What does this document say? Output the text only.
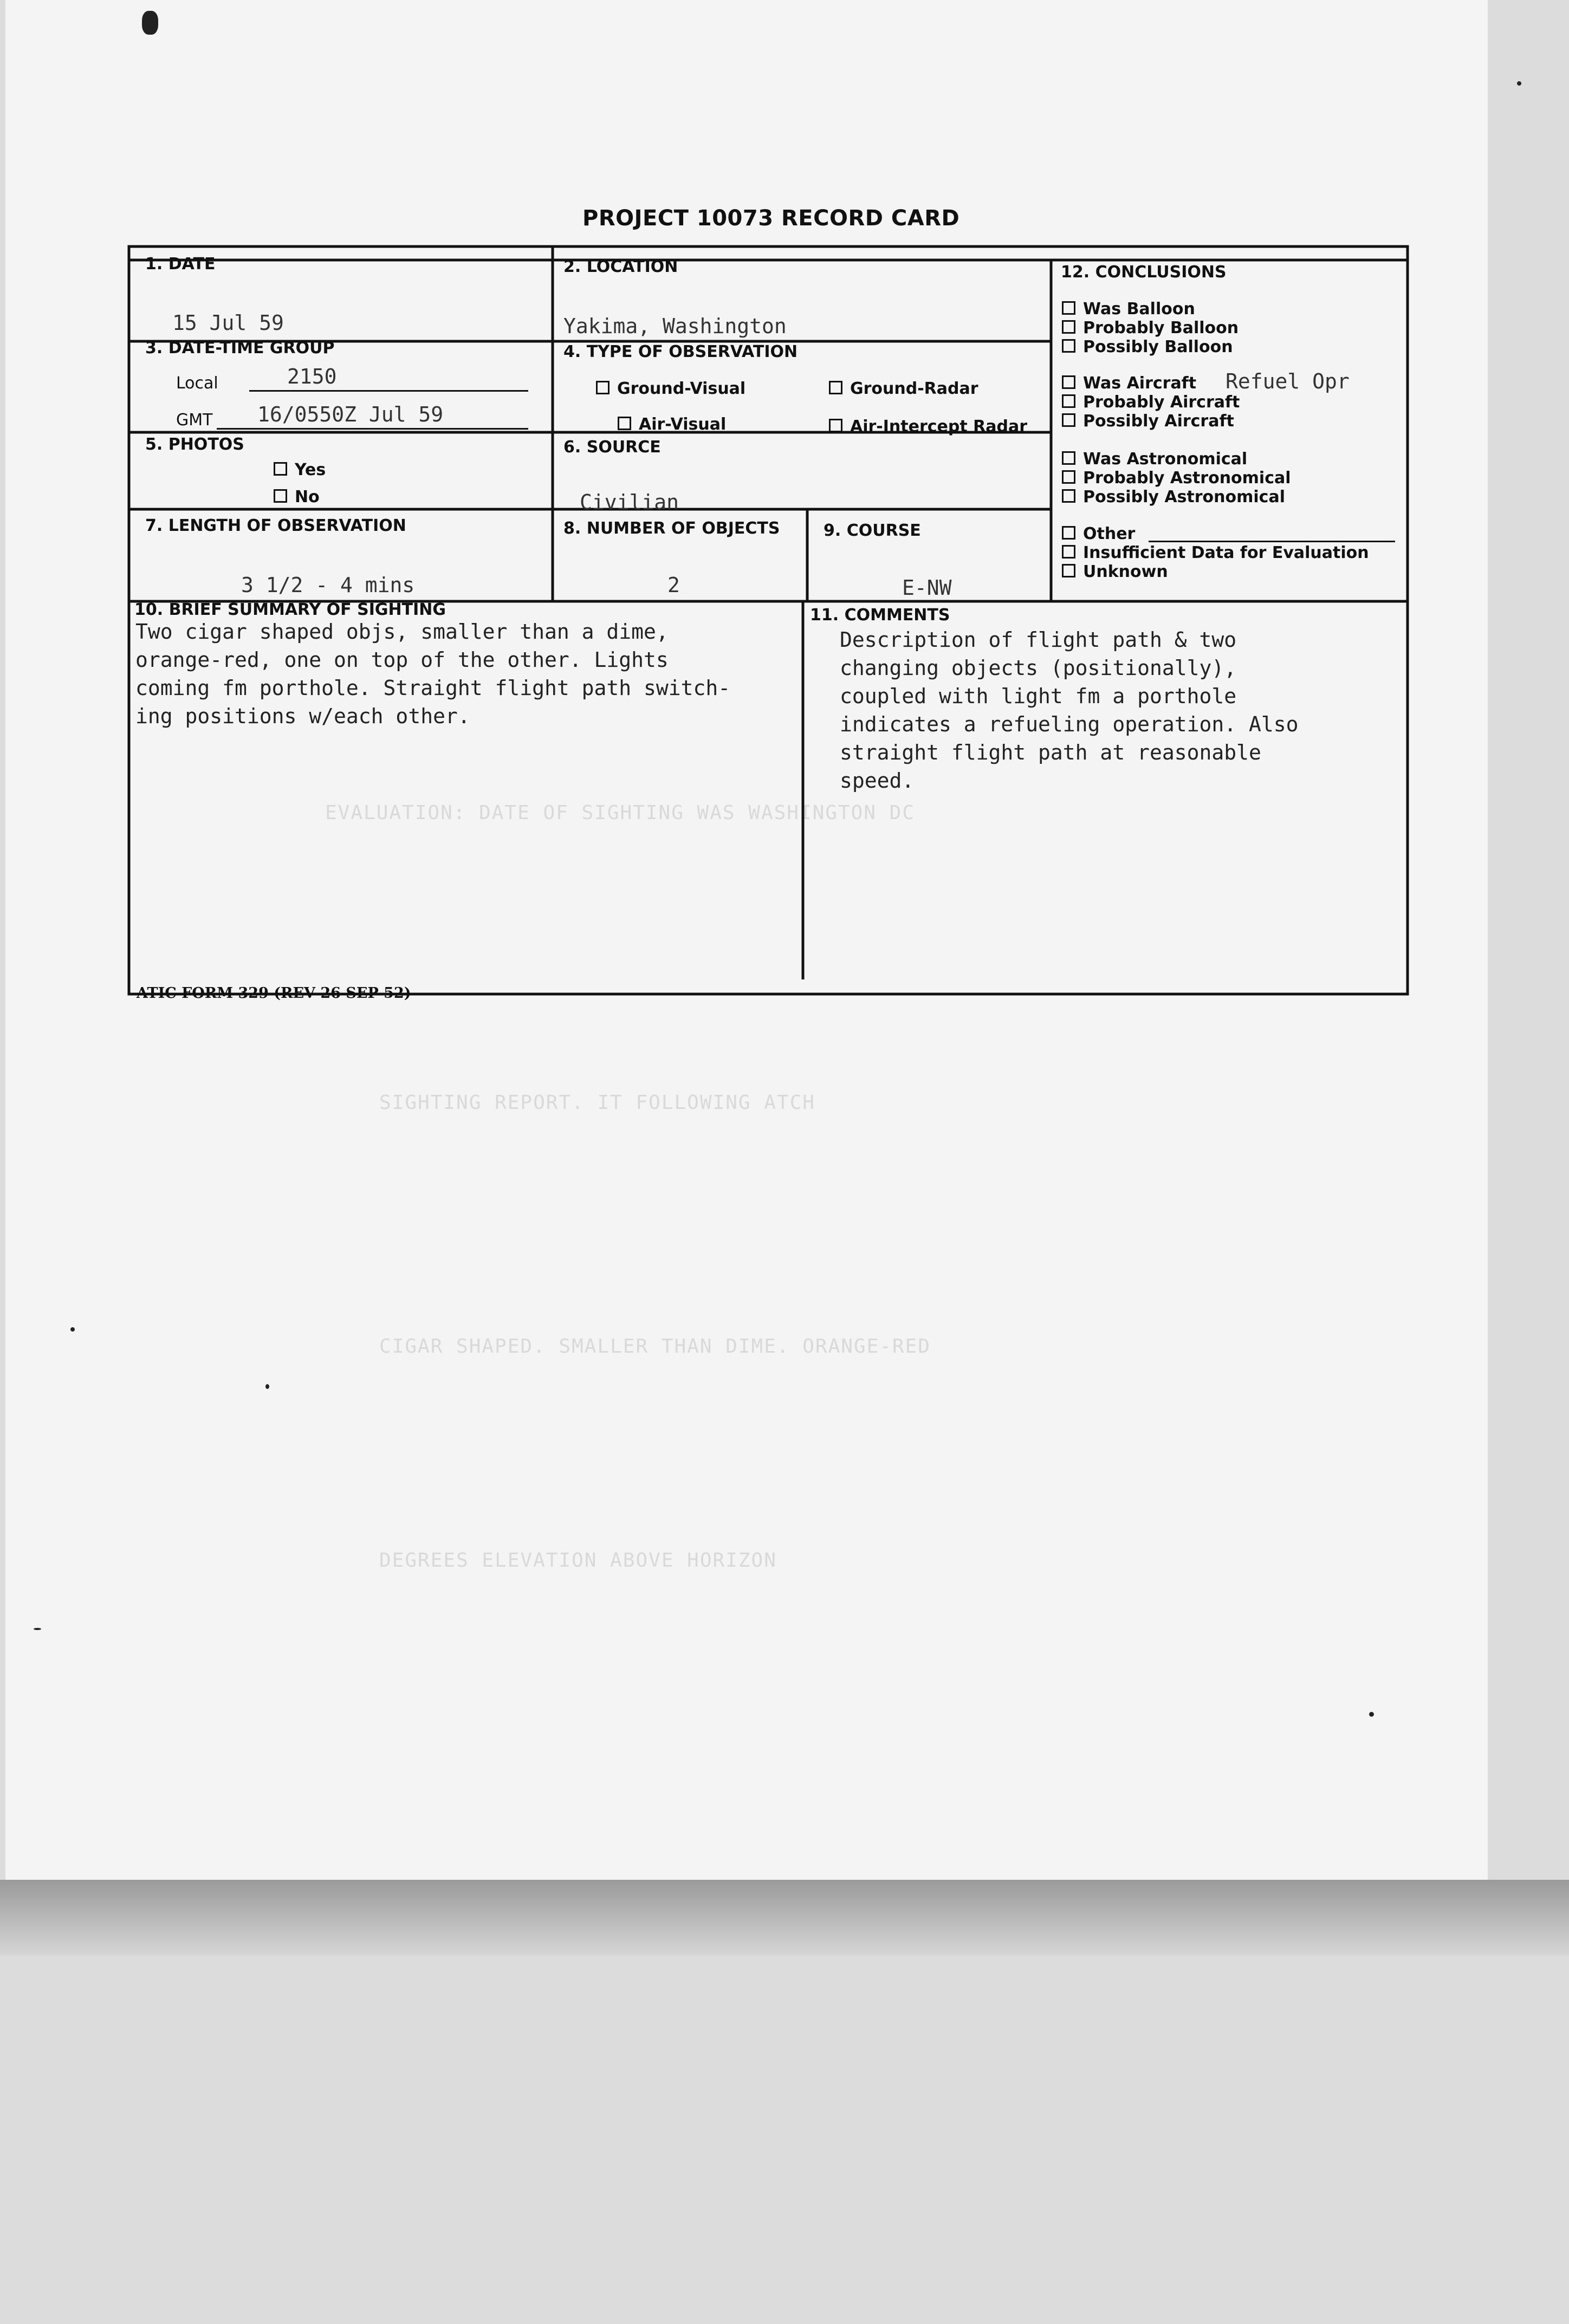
EVALUATION: DATE OF SIGHTING WAS WASHINGTON DC
SIGHTING REPORT. IT FOLLOWING ATCH
CIGAR SHAPED. SMALLER THAN DIME. ORANGE-RED
DEGREES ELEVATION ABOVE HORIZON
PROJECT 10073 RECORD CARD
1. DATE
15 Jul 59
2. LOCATION
Yakima, Washington
3. DATE-TIME GROUP
Local	2150
GMT 16/0550Z Jul 59
4. TYPE OF OBSERVATION
Ground-Visual	Ground-Radar
Air-Visual	Air-Intercept Radar
5. PHOTOS
Yes
No
6. SOURCE
Civilian
7. LENGTH OF OBSERVATION
3 1/2 - 4 mins
8. NUMBER OF OBJECTS
2
9. COURSE
E-NW
10. BRIEF SUMMARY OF SIGHTING
Two cigar shaped objs, smaller than a dime,
orange-red, one on top of the other. Lights
coming fm porthole. Straight flight path switch-
ing positions w/each other.
11. COMMENTS
Description of flight path & two
changing objects (positionally),
coupled with light fm a porthole
indicates a refueling operation. Also
straight flight path at reasonable
speed.
12. CONCLUSIONS
Was Balloon
Probably Balloon
Possibly Balloon
Was Aircraft Refuel Opr
Probably Aircraft
Possibly Aircraft
Was Astronomical
Probably Astronomical
Possibly Astronomical
Other
Insufficient Data for Evaluation
Unknown
ATIC FORM 329 (REV 26 SEP 52)
